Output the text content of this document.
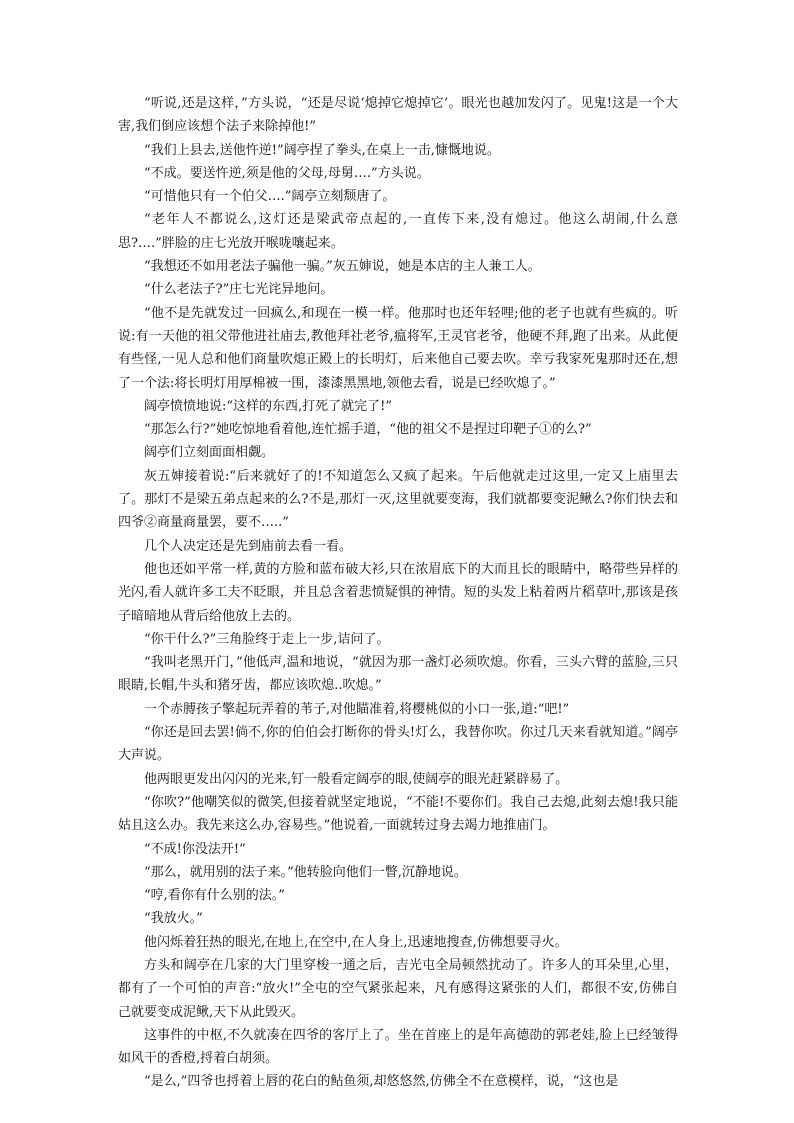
“听说,还是这样，”方头说，“还是尽说‘熄掉它熄掉它’。眼光也越加发闪了。见鬼!这是一个大害,我们倒应该想个法子来除掉他!”

“我们上县去,送他忤逆!”阔亭捏了拳头,在桌上一击,慷慨地说。

“不成。要送忤逆,须是他的父母,母舅….”方头说。

“可惜他只有一个伯父….”阔亭立刻颓唐了。

“老年人不都说么,这灯还是梁武帝点起的,一直传下来,没有熄过。他这么胡闹,什么意思?….”胖脸的庄七光放开喉咙嚷起来。

“我想还不如用老法子骗他一骗。”灰五婶说，她是本店的主人兼工人。

“什么老法子?”庄七光诧异地问。

“他不是先就发过一回疯么,和现在一模一样。他那时也还年轻哩;他的老子也就有些疯的。听说:有一天他的祖父带他进社庙去,教他拜社老爷,瘟将军,王灵官老爷，他硬不拜,跑了出来。从此便有些怪,一见人总和他们商量吹熄正殿上的长明灯，后来他自己要去吹。幸亏我家死鬼那时还在,想了一个法:将长明灯用厚棉被一围，漆漆黑黑地,领他去看，说是已经吹熄了。”

阔亭愤愤地说:“这样的东西,打死了就完了!”

“那怎么行?”她吃惊地看着他,连忙摇手道，“他的祖父不是捏过印靶子①的么?”

阔亭们立刻面面相觑。

灰五婶接着说:“后来就好了的!不知道怎么又疯了起来。午后他就走过这里,一定又上庙里去了。那灯不是梁五弟点起来的么?不是,那灯一灭,这里就要变海，我们就都要变泥鳅么?你们快去和四爷②商量商量罢，要不…..”

几个人决定还是先到庙前去看一看。

他也还如平常一样,黄的方脸和蓝布破大衫,只在浓眉底下的大而且长的眼睛中，略带些异样的光闪,看人就许多工夫不眨眼，并且总含着悲愤疑惧的神情。短的头发上粘着两片稻草叶,那该是孩子暗暗地从背后给他放上去的。

“你干什么?”三角脸终于走上一步,诘问了。

“我叫老黑开门，”他低声,温和地说，“就因为那一盏灯必须吹熄。你看，三头六臂的蓝脸,三只眼睛,长帽,牛头和猪牙齿，都应该吹熄..吹熄。”

一个赤膊孩子擎起玩弄着的苇子,对他瞄准着,将樱桃似的小口一张,道:“吧!”

“你还是回去罢!倘不,你的伯伯会打断你的骨头!灯么，我替你吹。你过几天来看就知道。”阔亭大声说。

他两眼更发出闪闪的光来,钉一般看定阔亭的眼,使阔亭的眼光赶紧辟易了。

“你吹?”他嘲笑似的微笑,但接着就坚定地说，“不能!不要你们。我自己去熄,此刻去熄!我只能姑且这么办。我先来这么办,容易些。”他说着,一面就转过身去竭力地推庙门。

“不成!你没法开!”

“那么，就用别的法子来。”他转脸向他们一瞥,沉静地说。

“哼,看你有什么别的法。”

“我放火。”

他闪烁着狂热的眼光,在地上,在空中,在人身上,迅速地搜查,仿佛想要寻火。

方头和阔亭在几家的大门里穿梭一通之后，吉光屯全局顿然扰动了。许多人的耳朵里,心里，都有了一个可怕的声音:“放火!”全屯的空气紧张起来，凡有感得这紧张的人们，都很不安,仿佛自己就要变成泥鳅,天下从此毁灭。

这事件的中枢,不久就凑在四爷的客厅上了。坐在首座上的是年高德劭的郭老娃,脸上已经皱得如风干的香橙,捋着白胡须。

“是么,”四爷也捋着上唇的花白的鲇鱼须,却悠悠然,仿佛全不在意模样，说，“这也是
